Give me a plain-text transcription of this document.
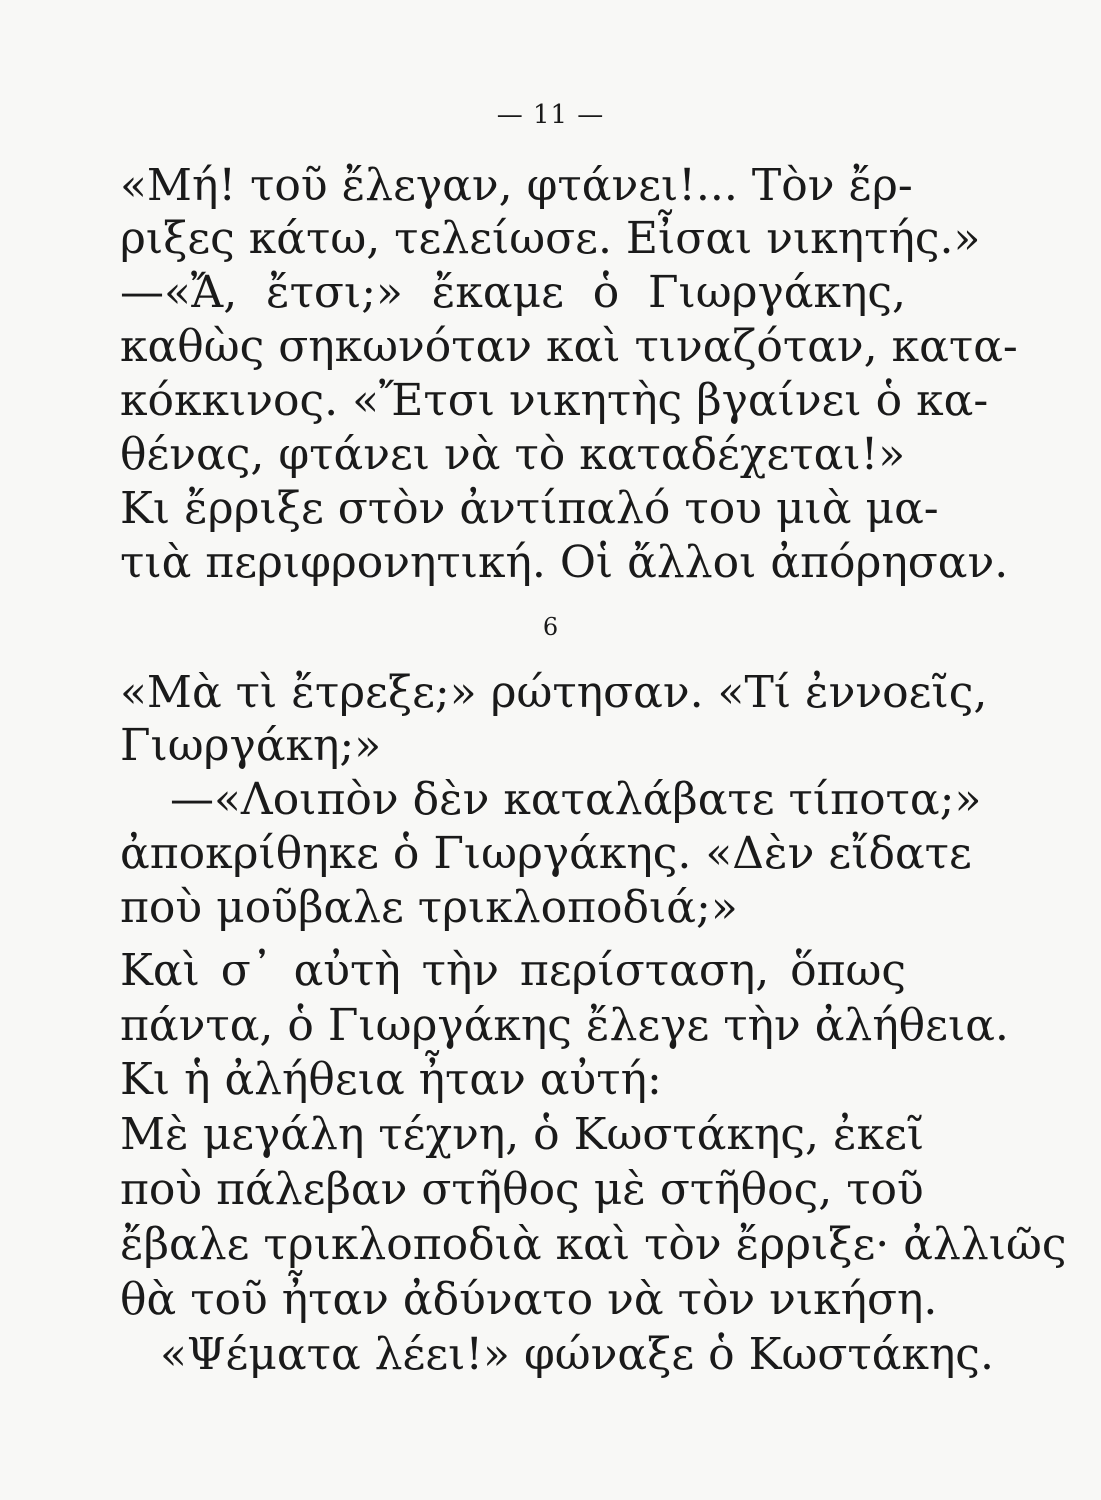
— 11 —
«Μή! τοῦ ἔλεγαν, φτάνει!... Τὸν ἔρ-
ριξες κάτω, τελείωσε. Εἶσαι νικητής.»
—«Ἄ, ἔτσι;» ἔκαμε ὁ Γιωργάκης,
καθὼς σηκωνόταν καὶ τιναζόταν, κατα-
κόκκινος. «Ἔτσι νικητὴς βγαίνει ὁ κα-
θένας, φτάνει νὰ τὸ καταδέχεται!»
Κι ἔρριξε στὸν ἀντίπαλό του μιὰ μα-
τιὰ περιφρονητική. Οἱ ἄλλοι ἀπόρησαν.
6
«Μὰ τὶ ἔτρεξε;» ρώτησαν. «Τί ἐννοεῖς,
Γιωργάκη;»
—«Λοιπὸν δὲν καταλάβατε τίποτα;»
ἀποκρίθηκε ὁ Γιωργάκης. «Δὲν εἴδατε
ποὺ μοῦβαλε τρικλοποδιά;»
Καὶ σ᾽ αὐτὴ τὴν περίσταση, ὅπως
πάντα, ὁ Γιωργάκης ἔλεγε τὴν ἀλήθεια.
Κι ἡ ἀλήθεια ἦταν αὐτή:
Μὲ μεγάλη τέχνη, ὁ Κωστάκης, ἐκεῖ
ποὺ πάλεβαν στῆθος μὲ στῆθος, τοῦ
ἔβαλε τρικλοποδιὰ καὶ τὸν ἔρριξε· ἀλλιῶς
θὰ τοῦ ἦταν ἀδύνατο νὰ τὸν νικήση.
«Ψέματα λέει!» φώναξε ὁ Κωστάκης.
